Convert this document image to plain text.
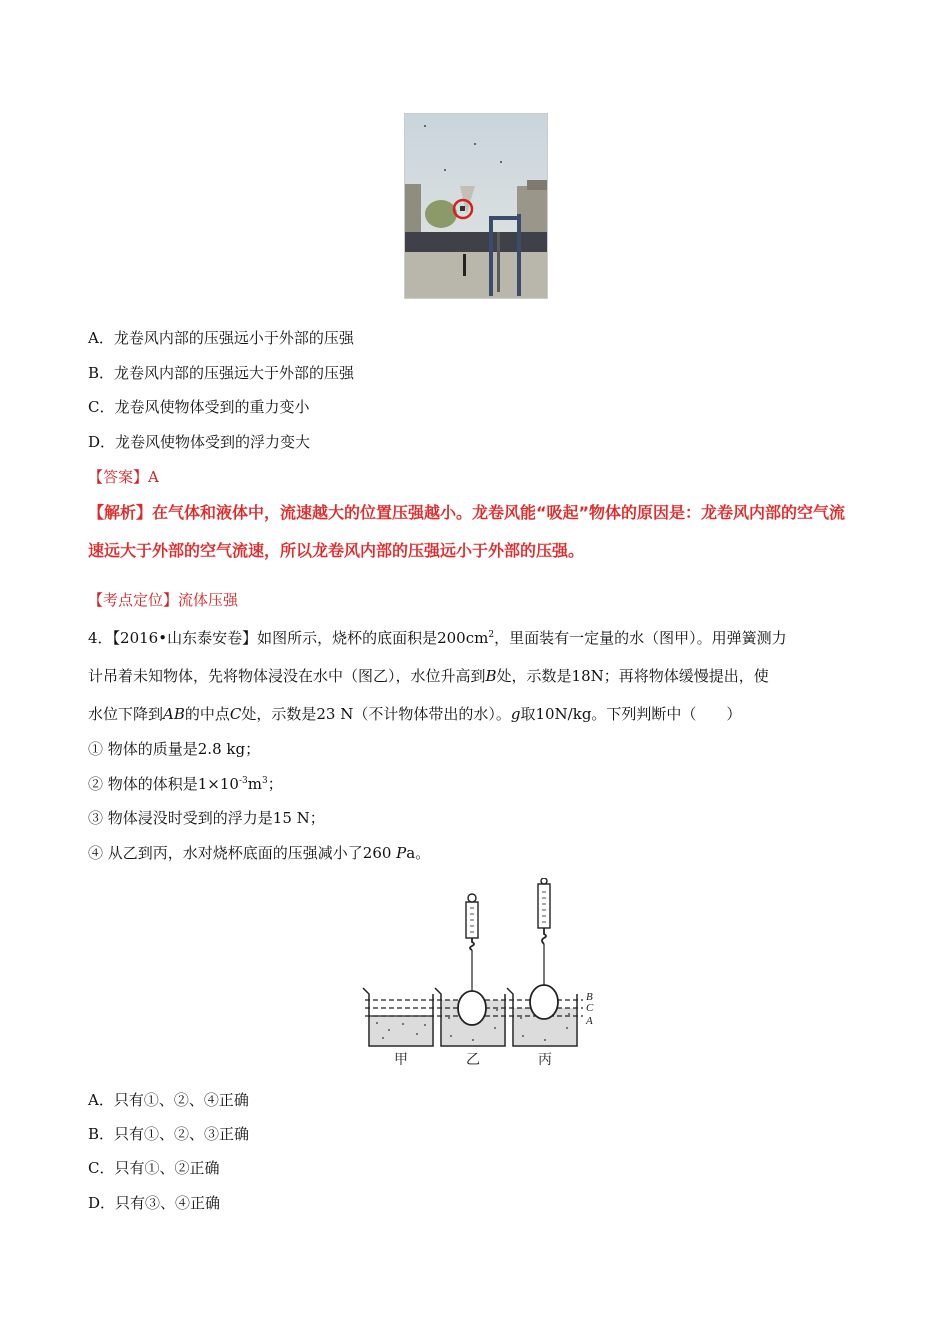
A．龙卷风内部的压强远小于外部的压强
B．龙卷风内部的压强远大于外部的压强
C．龙卷风使物体受到的重力变小
D．龙卷风使物体受到的浮力变大
【答案】A
【解析】在气体和液体中，流速越大的位置压强越小。龙卷风能“吸起”物体的原因是：龙卷风内部的空气流
速远大于外部的空气流速，所以龙卷风内部的压强远小于外部的压强。
【考点定位】流体压强
4．【2016•山东泰安卷】如图所示，烧杯的底面积是$200cm^2$，里面装有一定量的水（图甲）。用弹簧测力
计吊着未知物体，先将物体浸没在水中（图乙），水位升高到B处，示数是18N；再将物体缓慢提出，使
水位下降到AB的中点C处，示数是23 N（不计物体带出的水）。g取10N/kg。下列判断中（　　）
① 物体的质量是2.8 kg；
② 物体的体积是$1\times 10^{-3}m^3$；
③ 物体浸没时受到的浮力是15 N；
④ 从乙到丙，水对烧杯底面的压强减小了260 Pa。
B
C
A
甲	乙	丙
A．只有①、②、④正确
B．只有①、②、③正确
C．只有①、②正确
D．只有③、④正确
